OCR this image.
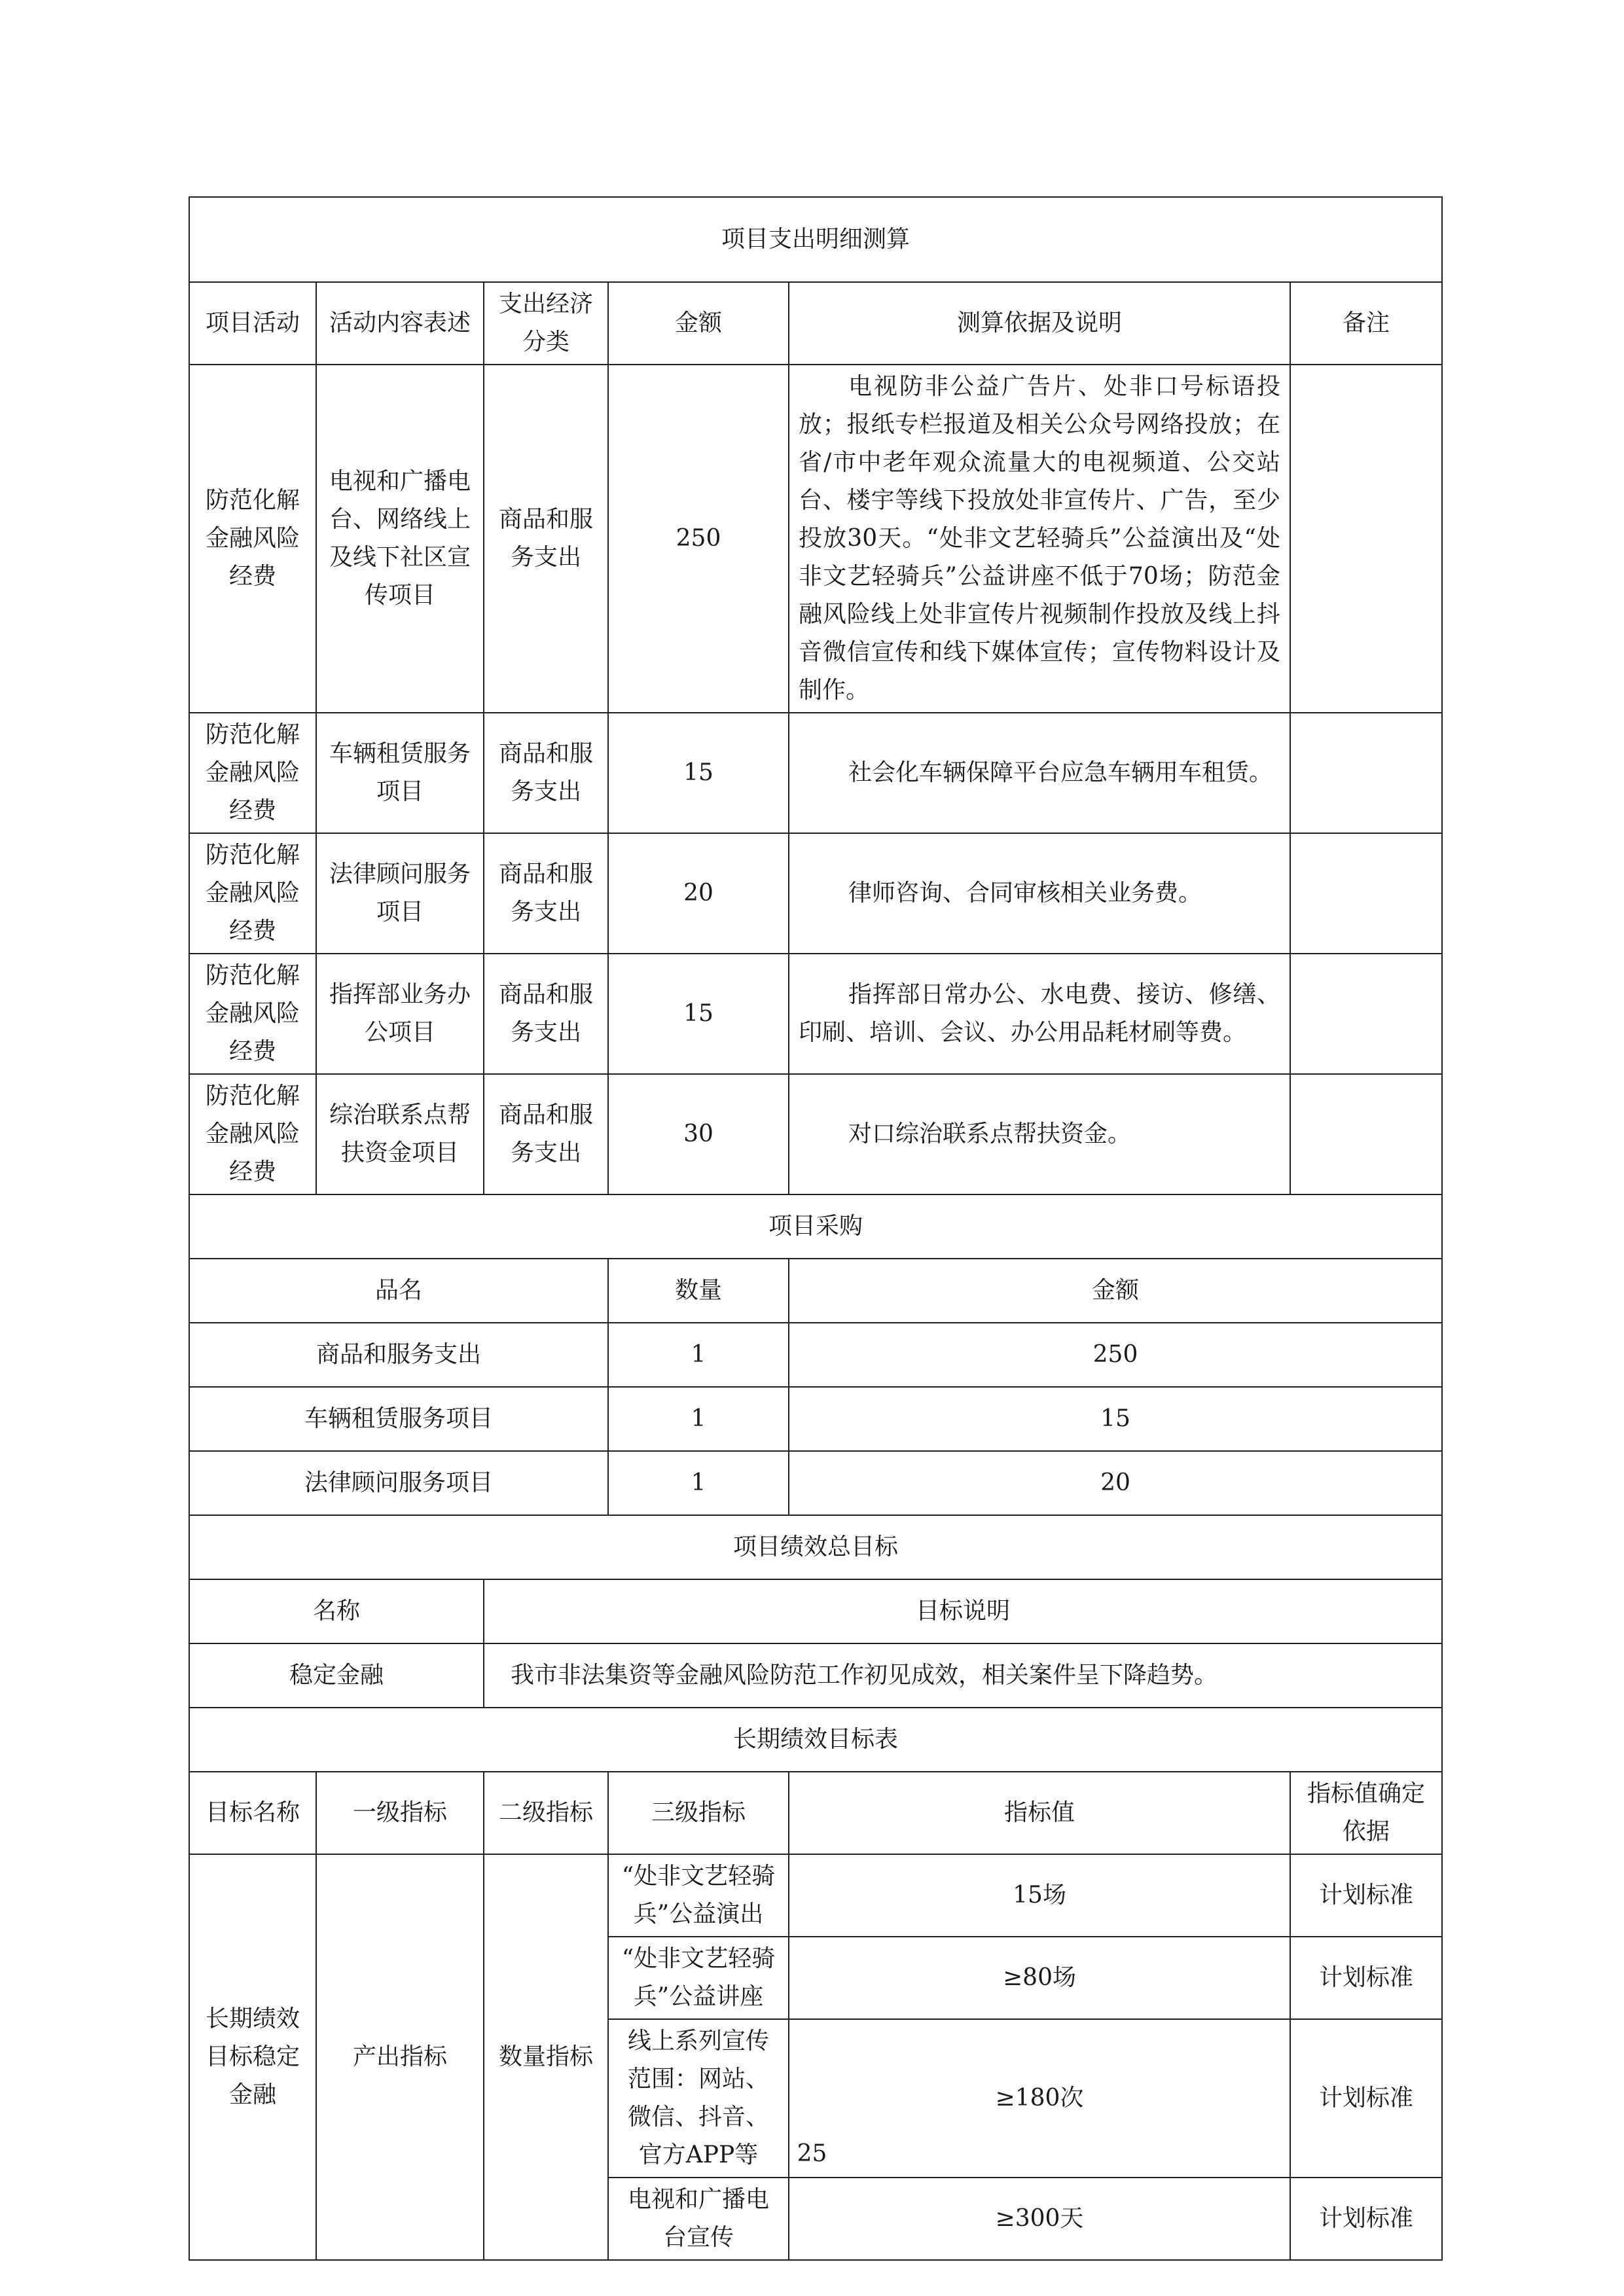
项目支出明细测算					
项目活动	活动内容表述	支出经济分类	金额	测算依据及说明	备注
防范化解金融风险经费	电视和广播电台、网络线上及线下社区宣传项目	商品和服务支出	250	电视防非公益广告片、处非口号标语投放；报纸专栏报道及相关公众号网络投放；在省/市中老年观众流量大的电视频道、公交站台、楼宇等线下投放处非宣传片、广告，至少投放30天。“处非文艺轻骑兵”公益演出及“处非文艺轻骑兵”公益讲座不低于70场；防范金融风险线上处非宣传片视频制作投放及线上抖音微信宣传和线下媒体宣传；宣传物料设计及制作。	
防范化解金融风险经费	车辆租赁服务项目	商品和服务支出	15	社会化车辆保障平台应急车辆用车租赁。	
防范化解金融风险经费	法律顾问服务项目	商品和服务支出	20	律师咨询、合同审核相关业务费。	
防范化解金融风险经费	指挥部业务办公项目	商品和服务支出	15	指挥部日常办公、水电费、接访、修缮、印刷、培训、会议、办公用品耗材刷等费。	
防范化解金融风险经费	综治联系点帮扶资金项目	商品和服务支出	30	对口综治联系点帮扶资金。	
项目采购					
品名			数量	金额	
商品和服务支出			1	250	
车辆租赁服务项目			1	15	
法律顾问服务项目			1	20	
项目绩效总目标					
名称		目标说明			
稳定金融		我市非法集资等金融风险防范工作初见成效，相关案件呈下降趋势。			
长期绩效目标表					
目标名称	一级指标	二级指标	三级指标	指标值	指标值确定依据
长期绩效目标稳定金融	产出指标	数量指标	“处非文艺轻骑兵”公益演出	15场	计划标准
			“处非文艺轻骑兵”公益讲座	≥80场	计划标准
			线上系列宣传范围：网站、微信、抖音、官方APP等	≥180次	计划标准
			电视和广播电台宣传	≥300天	计划标准
25
